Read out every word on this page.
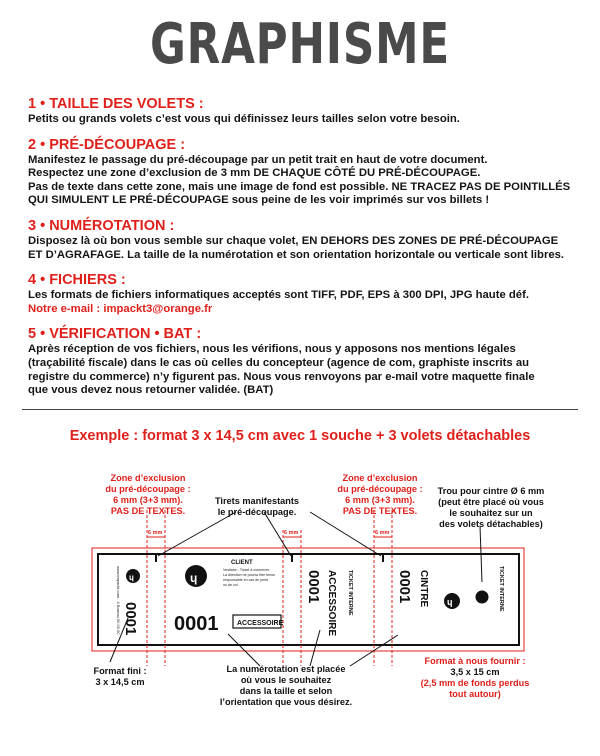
GRAPHISME
1 • TAILLE DES VOLETS :

Petits ou grands volets c’est vous qui définissez leurs tailles selon votre besoin.

2 • PRÉ-DÉCOUPAGE :

Manifestez le passage du pré-découpage par un petit trait en haut de votre document.

Respectez une zone d’exclusion de 3 mm DE CHAQUE CÔTÉ DU PRÉ-DÉCOUPAGE.

Pas de texte dans cette zone, mais une image de fond est possible. NE TRACEZ PAS DE POINTILLÉS

QUI SIMULENT LE PRÉ-DÉCOUPAGE sous peine de les voir imprimés sur vos billets !

3 • NUMÉROTATION :

Disposez là où bon vous semble sur chaque volet, EN DEHORS DES ZONES DE PRÉ-DÉCOUPAGE

ET D’AGRAFAGE. La taille de la numérotation et son orientation horizontale ou verticale sont libres.

4 • FICHIERS :

Les formats de fichiers informatiques acceptés sont TIFF, PDF, EPS à 300 DPI, JPG haute déf.

Notre e-mail : impackt3@orange.fr

5 • VÉRIFICATION • BAT :

Après réception de vos fichiers, nous les vérifions, nous y apposons nos mentions légales

(traçabilité fiscale) dans le cas où celles du concepteur (agence de com, graphiste inscrits au

registre du commerce) n’y figurent pas. Nous vous renvoyons par e-mail votre maquette finale

que vous devez nous retourner validée. (BAT)

Exemple : format 3 x 14,5 cm avec 1 souche + 3 volets détachables
6 mm	6 mm	6 mm
www.impackt.com - 4 Bureau 00 00 00 0001
ɥ	ɥ
CLIENT
Vestiaire - Ticket à conserver.
La direction ne pourra être tenue
responsable en cas de perte
ou de vol.
0001	ACCESSOIRE
0001 ACCESSOIRE TICKET INTERNE	0001 CINTRE ɥ	TICKET INTERNE
Zone d’exclusion
du pré-découpage :
6 mm (3+3 mm).
PAS DE TEXTES.
Tirets manifestants
le pré-découpage.
Zone d’exclusion
du pré-découpage :
6 mm (3+3 mm).
PAS DE TEXTES.
Trou pour cintre Ø 6 mm
(peut être placé où vous
le souhaitez sur un
des volets détachables)
Format fini :
3 x 14,5 cm
La numérotation est placée
où vous le souhaitez
dans la taille et selon
l’orientation que vous désirez.
Format à nous fournir :
3,5 x 15 cm
(2,5 mm de fonds perdus
tout autour)
